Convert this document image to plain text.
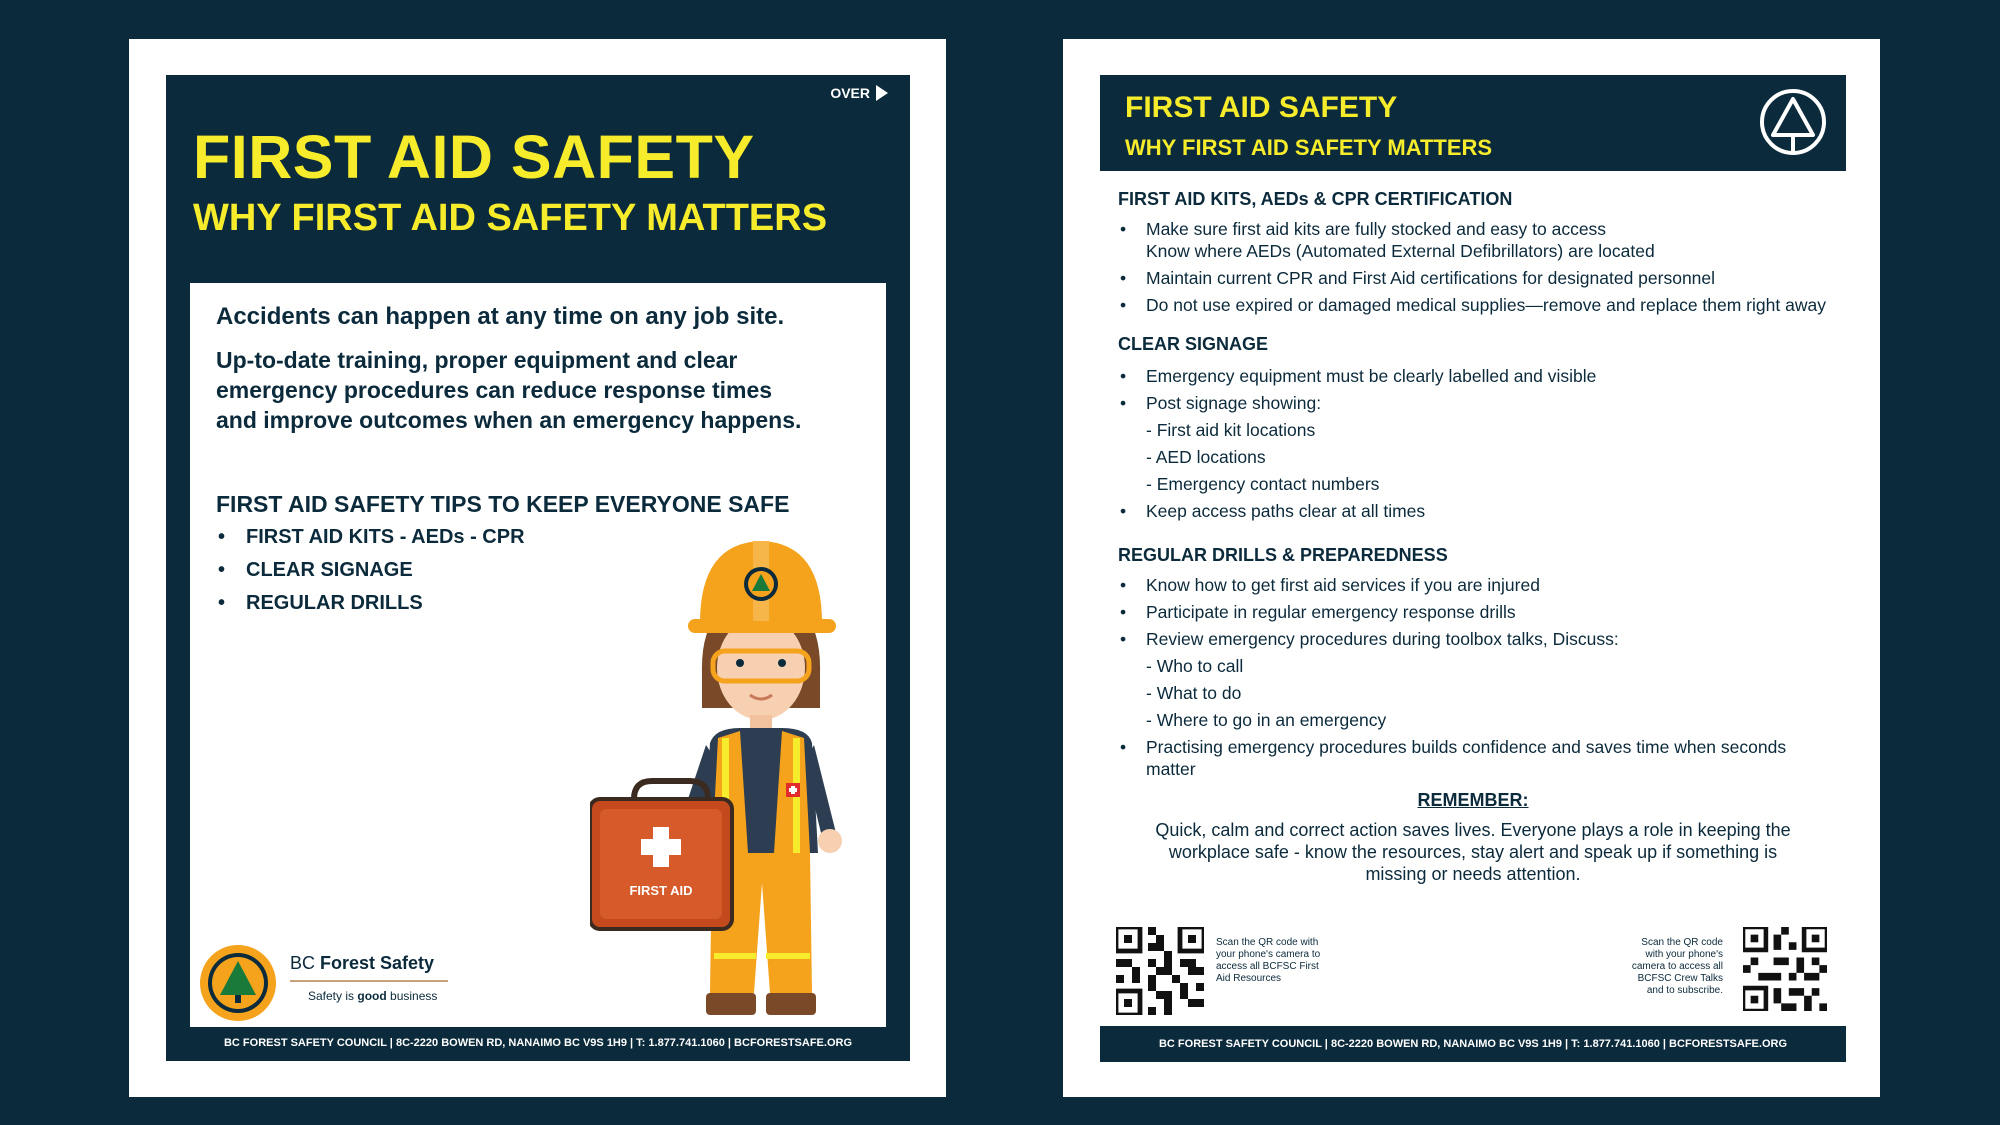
OVER
FIRST AID SAFETY
WHY FIRST AID SAFETY MATTERS

Accidents can happen at any time on any job site.

Up-to-date training, proper equipment and clear emergency procedures can reduce response times and improve outcomes when an emergency happens.

FIRST AID SAFETY TIPS TO KEEP EVERYONE SAFE

• FIRST AID KITS - AEDs - CPR
• CLEAR SIGNAGE
• REGULAR DRILLS
FIRST AID
BC Forest Safety
Safety is good business
BC FOREST SAFETY COUNCIL | 8C-2220 BOWEN RD, NANAIMO BC V9S 1H9 | T: 1.877.741.1060 | BCFORESTSAFE.ORG
FIRST AID SAFETY
WHY FIRST AID SAFETY MATTERS

FIRST AID KITS, AEDs & CPR CERTIFICATION

• Make sure first aid kits are fully stocked and easy to access
Know where AEDs (Automated External Defibrillators) are located
• Maintain current CPR and First Aid certifications for designated personnel
• Do not use expired or damaged medical supplies—remove and replace them right away

CLEAR SIGNAGE

• Emergency equipment must be clearly labelled and visible
• Post signage showing:
- First aid kit locations
- AED locations
- Emergency contact numbers
• Keep access paths clear at all times

REGULAR DRILLS & PREPAREDNESS

• Know how to get first aid services if you are injured
• Participate in regular emergency response drills
• Review emergency procedures during toolbox talks, Discuss:
- Who to call
- What to do
- Where to go in an emergency
• Practising emergency procedures builds confidence and saves time when seconds matter

REMEMBER:

Quick, calm and correct action saves lives. Everyone plays a role in keeping the workplace safe - know the resources, stay alert and speak up if something is missing or needs attention.

Scan the QR code with your phone's camera to access all BCFSC First Aid Resources
Scan the QR code with your phone's camera to access all BCFSC Crew Talks and to subscribe.
BC FOREST SAFETY COUNCIL | 8C-2220 BOWEN RD, NANAIMO BC V9S 1H9 | T: 1.877.741.1060 | BCFORESTSAFE.ORG
